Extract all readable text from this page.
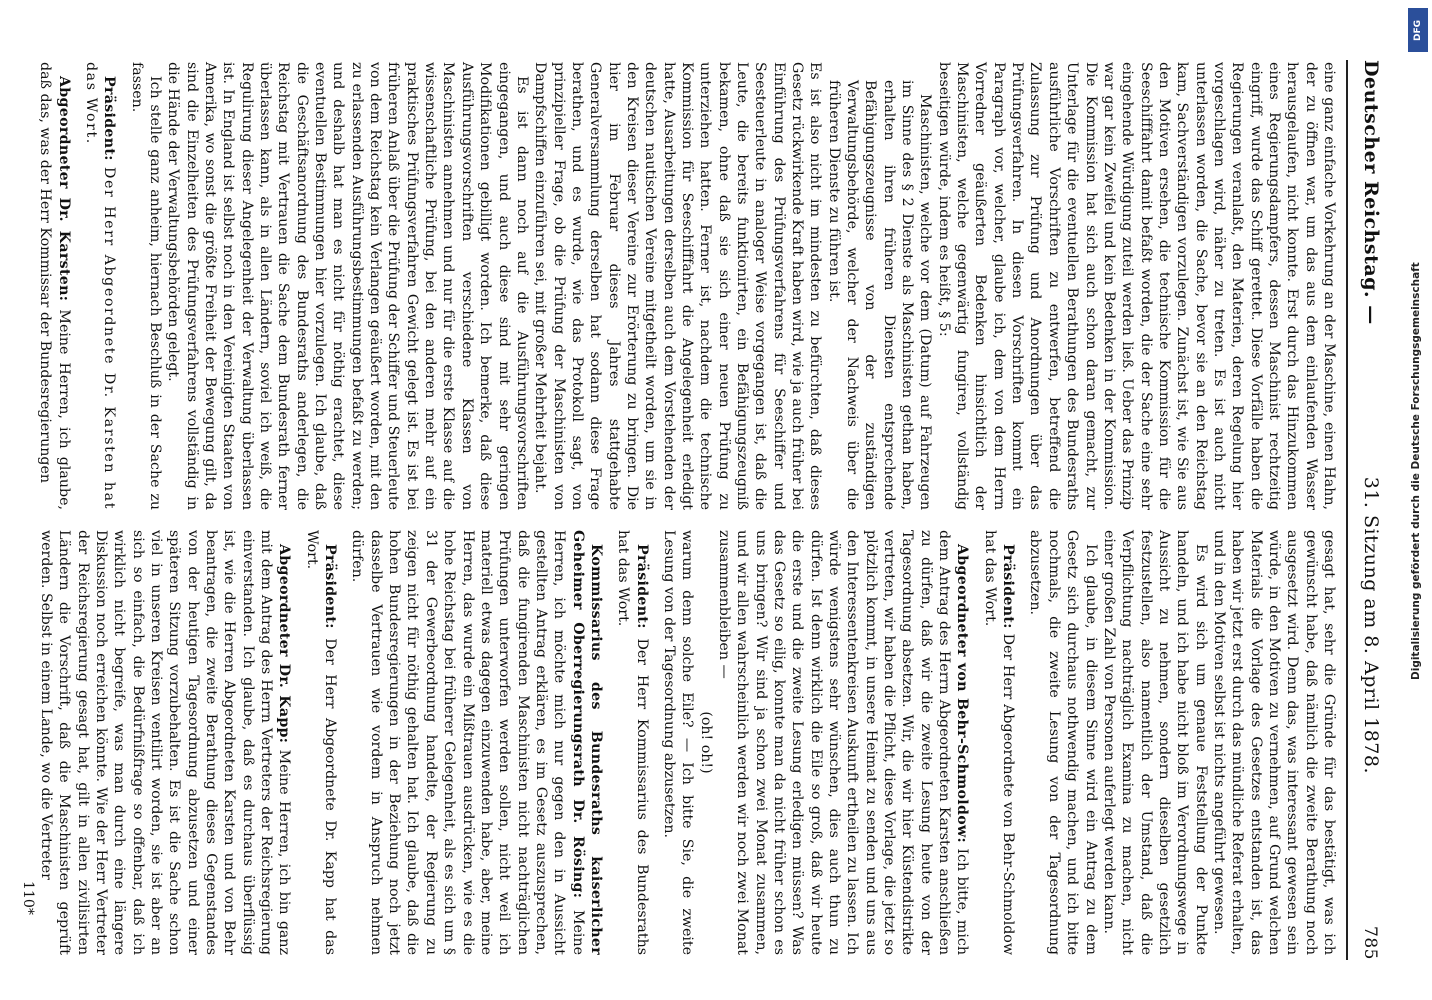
Deutscher Reichstag. —
31. Sitzung am 8. April 1878.
785

eine ganz einfache Vorkehrung an der Maschine, einen Hahn, der zu öffnen war, um das aus dem einlaufenden Wasser herausgelaufen, nicht konnte. Erst durch das Hinzukommen eines Regierungsdampfers, dessen Maschinist rechtzeitig eingriff, wurde das Schiff gerettet. Diese Vorfälle haben die Regierungen veranlaßt, den Materien, deren Regelung hier vorgeschlagen wird, näher zu treten. Es ist auch nicht unterlassen worden, die Sache, bevor sie an den Reichstag kam, Sachverständigen vorzulegen. Zunächst ist, wie Sie aus den Motiven ersehen, die technische Kommission für die Seeschifffahrt damit befaßt worden, die der Sache eine sehr eingehende Würdigung zuteil werden ließ. Ueber das Prinzip war gar kein Zweifel und kein Bedenken in der Kommission. Die Kommission hat sich auch schon daran gemacht, zur Unterlage für die eventuellen Berathungen des Bundesraths ausführliche Vorschriften zu entwerfen, betreffend die Zulassung zur Prüfung und Anordnungen über das Prüfungsverfahren. In diesen Vorschriften kommt ein Paragraph vor, welcher, glaube ich, dem von dem Herrn Vorredner geäußerten Bedenken hinsichtlich der Maschinisten, welche gegenwärtig fungiren, vollständig beseitigen würde, indem es heißt, § 5:

Maschinisten, welche vor dem (Datum) auf Fahrzeugen im Sinne des § 2 Dienste als Maschinisten gethan haben, erhalten ihren früheren Diensten entsprechende Befähigungszeugnisse von der zuständigen Verwaltungsbehörde, welcher der Nachweis über die früheren Dienste zu führen ist.

Es ist also nicht im mindesten zu befürchten, daß dieses Gesetz rückwirkende Kraft haben wird, wie ja auch früher bei Einführung des Prüfungsverfahrens für Seeschiffer und Seesteuerleute in analoger Weise vorgegangen ist, daß die Leute, die bereits funktionirten, ein Befähigungszeugniß bekamen, ohne daß sie sich einer neuen Prüfung zu unterziehen hatten. Ferner ist, nachdem die technische Kommission für Seeschifffahrt die Angelegenheit erledigt hatte, Ausarbeitungen derselben auch dem Vorstehenden der deutschen nautischen Vereine mitgetheilt worden, um sie in den Kreisen dieser Vereine zur Erörterung zu bringen. Die hier im Februar dieses Jahres stattgehabte Generalversammlung derselben hat sodann diese Frage berathen, und es wurde, wie das Protokoll sagt, von prinzipieller Frage, ob die Prüfung der Maschinisten von Dampfschiffen einzuführen sei, mit großer Mehrheit bejaht.

Es ist dann noch auf die Ausführungsvorschriften eingegangen, und auch diese sind mit sehr geringen Modifikationen gebilligt worden. Ich bemerke, daß diese Ausführungsvorschriften verschiedene Klassen von Maschinisten annehmen und nur für die erste Klasse auf die wissenschaftliche Prüfung, bei den anderen mehr auf ein praktisches Prüfungsverfahren Gewicht gelegt ist. Es ist bei früheren Anlaß über die Prüfung der Schiffer und Steuerleute von dem Reichstag kein Verlangen geäußert worden, mit den zu erlassenden Ausführungsbestimmungen befaßt zu werden; und deshalb hat man es nicht für nöthig erachtet, diese eventuellen Bestimmungen hier vorzulegen. Ich glaube, daß die Geschäftsanordnung des Bundesraths anderlegen, die Reichstag mit Vertrauen die Sache dem Bundesrath ferner überlassen kann, als in allen Ländern, soviel ich weiß, die Regulirung dieser Angelegenheit der Verwaltung überlassen ist. In England ist selbst noch in den Vereinigten Staaten von Amerika, wo sonst die größte Freiheit der Bewegung gilt, da sind die Einzelheiten des Prüfungsverfahrens vollständig in die Hände der Verwaltungsbehörden gelegt.

Ich stelle ganz anheim, hiernach Beschluß in der Sache zu fassen.

Präsident: Der Herr Abgeordnete Dr. Karsten hat das Wort.

Abgeordneter Dr. Karsten: Meine Herren, ich glaube, daß das, was der Herr Kommissar der Bundesregierungen

gesagt hat, sehr die Gründe für das bestätigt, was ich gewünscht habe, daß nämlich die zweite Berathung noch ausgesetzt wird. Denn das, was interessant gewesen sein würde, in den Motiven zu vernehmen, auf Grund welchen Materials die Vorlage des Gesetzes entstanden ist, das haben wir jetzt erst durch das mündliche Referat erhalten, und in den Motiven selbst ist nichts angeführt gewesen.

Es wird sich um genaue Feststellung der Punkte handeln, und ich habe nicht bloß im Verordnungswege in Aussicht zu nehmen, sondern dieselben gesetzlich festzustellen, also namentlich der Umstand, daß die Verpflichtung nachträglich Examina zu machen, nicht einer großen Zahl von Personen auferlegt werden kann.

Ich glaube, in diesem Sinne wird ein Antrag zu dem Gesetz sich durchaus nothwendig machen, und ich bitte nochmals, die zweite Lesung von der Tagesordnung abzusetzen.

Präsident: Der Herr Abgeordnete von Behr-Schmoldow hat das Wort.

Abgeordneter von Behr-Schmoldow: Ich bitte, mich dem Antrag des Herrn Abgeordneten Karsten anschließen zu dürfen, daß wir die zweite Lesung heute von der Tagesordnung absetzen. Wir, die wir hier Küstendistrikte vertreten, wir haben die Pflicht, diese Vorlage, die jetzt so plötzlich kommt, in unsere Heimat zu senden und uns aus den Interessentenkreisen Auskunft ertheilen zu lassen. Ich würde wenigstens sehr wünschen, dies auch thun zu dürfen. Ist denn wirklich die Eile so groß, daß wir heute die erste und die zweite Lesung erledigen müssen? Was das Gesetz so eilig, konnte man da nicht früher schon es uns bringen? Wir sind ja schon zwei Monat zusammen, und wir allen wahrscheinlich werden wir noch zwei Monat zusammenbleiben —

(oh! oh!)

warum denn solche Eile? — Ich bitte Sie, die zweite Lesung von der Tagesordnung abzusetzen.

Präsident: Der Herr Kommissarius des Bundesraths hat das Wort.

Kommissarius des Bundesraths kaiserlicher Geheimer Oberregierungsrath Dr. Rösing: Meine Herren, ich möchte mich nur gegen den in Aussicht gestellten Antrag erklären, es im Gesetz auszusprechen, daß die fungirenden Maschinisten nicht nachträglichen Prüfungen unterworfen werden sollen, nicht weil ich materiell etwas dagegen einzuwenden habe, aber, meine Herren, das wurde ein Mißtrauen ausdrücken, wie es die hohe Reichstag bei früherer Gelegenheit, als es sich um § 31 der Gewerbeordnung handelte, der Regierung zu zeigen nicht für nöthig gehalten hat. Ich glaube, daß die hohen Bundesregierungen in der Beziehung noch jetzt dasselbe Vertrauen wie vordem in Anspruch nehmen dürfen.

Präsident: Der Herr Abgeordnete Dr. Kapp hat das Wort.

Abgeordneter Dr. Kapp: Meine Herren, ich bin ganz mit dem Antrag des Herrn Vertreters der Reichsregierung einverstanden. Ich glaube, daß es durchaus überflüssig ist, wie die Herren Abgeordneten Karsten und von Behr beantragen, die zweite Berathung dieses Gegenstandes von der heutigen Tagesordnung abzusetzen und einer späteren Sitzung vorzubehalten. Es ist die Sache schon viel in unseren Kreisen ventilirt worden, sie ist aber an sich so einfach, die Bedürfnißfrage so offenbar, daß ich wirklich nicht begreife, was man durch eine längere Diskussion noch erreichen könnte. Wie der Herr Vertreter der Reichsregierung gesagt hat, gilt in allen zivilisirten Ländern die Vorschrift, daß die Maschinisten geprüft werden. Selbst in einem Lande, wo die Vertreter

110*

DFG
Digitalisierung gefördert durch die Deutsche Forschungsgemeinschaft
